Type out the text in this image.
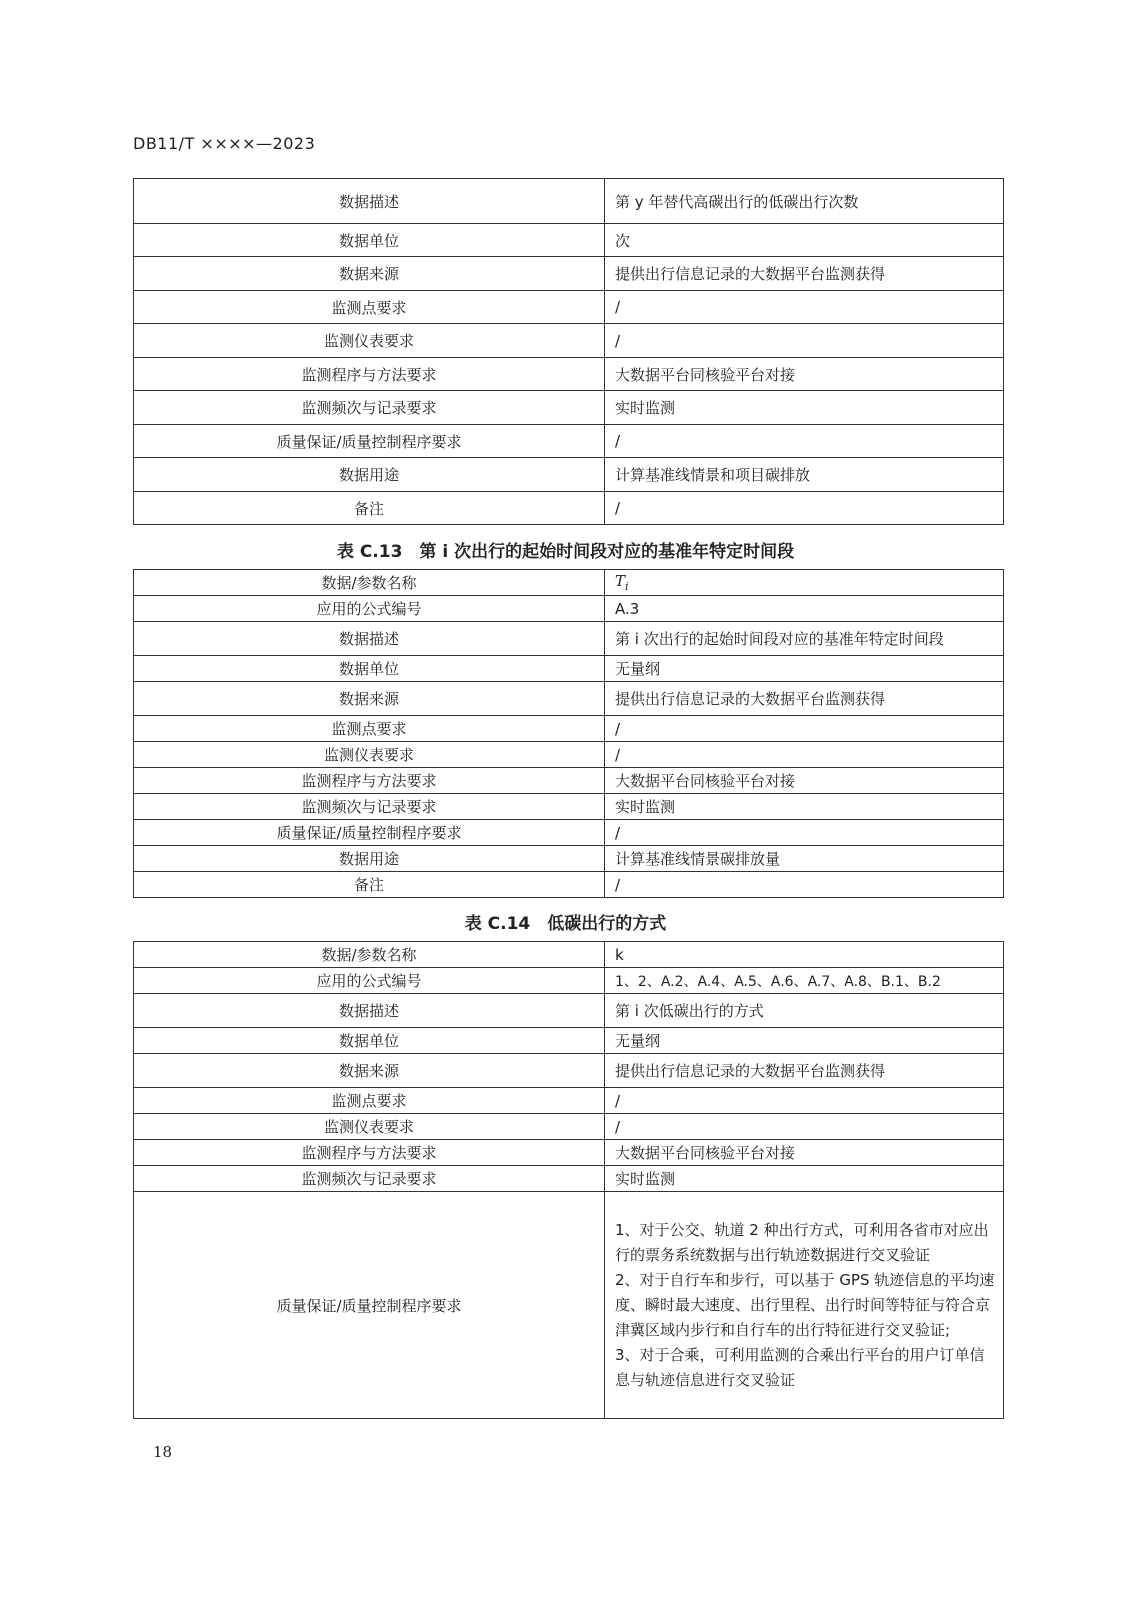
DB11/T ××××—2023
数据描述	第 y 年替代高碳出行的低碳出行次数
数据单位	次
数据来源	提供出行信息记录的大数据平台监测获得
监测点要求	/
监测仪表要求	/
监测程序与方法要求	大数据平台同核验平台对接
监测频次与记录要求	实时监测
质量保证/质量控制程序要求	/
数据用途	计算基准线情景和项目碳排放
备注	/
表 C.13　第 i 次出行的起始时间段对应的基准年特定时间段
数据/参数名称	$T_i$
应用的公式编号	A.3
数据描述	第 i 次出行的起始时间段对应的基准年特定时间段
数据单位	无量纲
数据来源	提供出行信息记录的大数据平台监测获得
监测点要求	/
监测仪表要求	/
监测程序与方法要求	大数据平台同核验平台对接
监测频次与记录要求	实时监测
质量保证/质量控制程序要求	/
数据用途	计算基准线情景碳排放量
备注	/
表 C.14　低碳出行的方式
数据/参数名称	k
应用的公式编号	1、2、A.2、A.4、A.5、A.6、A.7、A.8、B.1、B.2
数据描述	第 i 次低碳出行的方式
数据单位	无量纲
数据来源	提供出行信息记录的大数据平台监测获得
监测点要求	/
监测仪表要求	/
监测程序与方法要求	大数据平台同核验平台对接
监测频次与记录要求	实时监测
质量保证/质量控制程序要求	1、对于公交、轨道 2 种出行方式，可利用各省市对应出行的票务系统数据与出行轨迹数据进行交叉验证
2、对于自行车和步行，可以基于 GPS 轨迹信息的平均速度、瞬时最大速度、出行里程、出行时间等特征与符合京津冀区域内步行和自行车的出行特征进行交叉验证;
3、对于合乘，可利用监测的合乘出行平台的用户订单信息与轨迹信息进行交叉验证
18
